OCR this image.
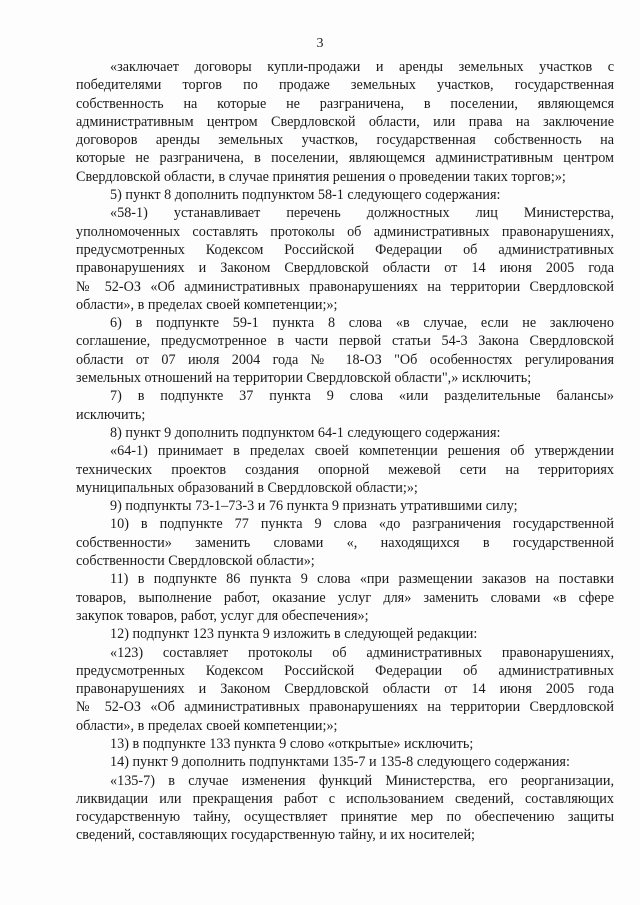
3
«заключает договоры купли-продажи и аренды земельных участков с
победителями торгов по продаже земельных участков, государственная
собственность на которые не разграничена, в поселении, являющемся
административным центром Свердловской области, или права на заключение
договоров аренды земельных участков, государственная собственность на
которые не разграничена, в поселении, являющемся административным центром
Свердловской области, в случае принятия решения о проведении таких торгов;»;
5) пункт 8 дополнить подпунктом 58-1 следующего содержания:
«58-1) устанавливает перечень должностных лиц Министерства,
уполномоченных составлять протоколы об административных правонарушениях,
предусмотренных Кодексом Российской Федерации об административных
правонарушениях и Законом Свердловской области от 14 июня 2005 года
№ 52-ОЗ «Об административных правонарушениях на территории Свердловской
области», в пределах своей компетенции;»;
6) в подпункте 59-1 пункта 8 слова «в случае, если не заключено
соглашение, предусмотренное в части первой статьи 54-3 Закона Свердловской
области от 07 июля 2004 года № 18-ОЗ "Об особенностях регулирования
земельных отношений на территории Свердловской области",» исключить;
7) в подпункте 37 пункта 9 слова «или разделительные балансы»
исключить;
8) пункт 9 дополнить подпунктом 64-1 следующего содержания:
«64-1) принимает в пределах своей компетенции решения об утверждении
технических проектов создания опорной межевой сети на территориях
муниципальных образований в Свердловской области;»;
9) подпункты 73-1–73-3 и 76 пункта 9 признать утратившими силу;
10) в подпункте 77 пункта 9 слова «до разграничения государственной
собственности» заменить словами «, находящихся в государственной
собственности Свердловской области»;
11) в подпункте 86 пункта 9 слова «при размещении заказов на поставки
товаров, выполнение работ, оказание услуг для» заменить словами «в сфере
закупок товаров, работ, услуг для обеспечения»;
12) подпункт 123 пункта 9 изложить в следующей редакции:
«123) составляет протоколы об административных правонарушениях,
предусмотренных Кодексом Российской Федерации об административных
правонарушениях и Законом Свердловской области от 14 июня 2005 года
№ 52-ОЗ «Об административных правонарушениях на территории Свердловской
области», в пределах своей компетенции;»;
13) в подпункте 133 пункта 9 слово «открытые» исключить;
14) пункт 9 дополнить подпунктами 135-7 и 135-8 следующего содержания:
«135-7) в случае изменения функций Министерства, его реорганизации,
ликвидации или прекращения работ с использованием сведений, составляющих
государственную тайну, осуществляет принятие мер по обеспечению защиты
сведений, составляющих государственную тайну, и их носителей;
